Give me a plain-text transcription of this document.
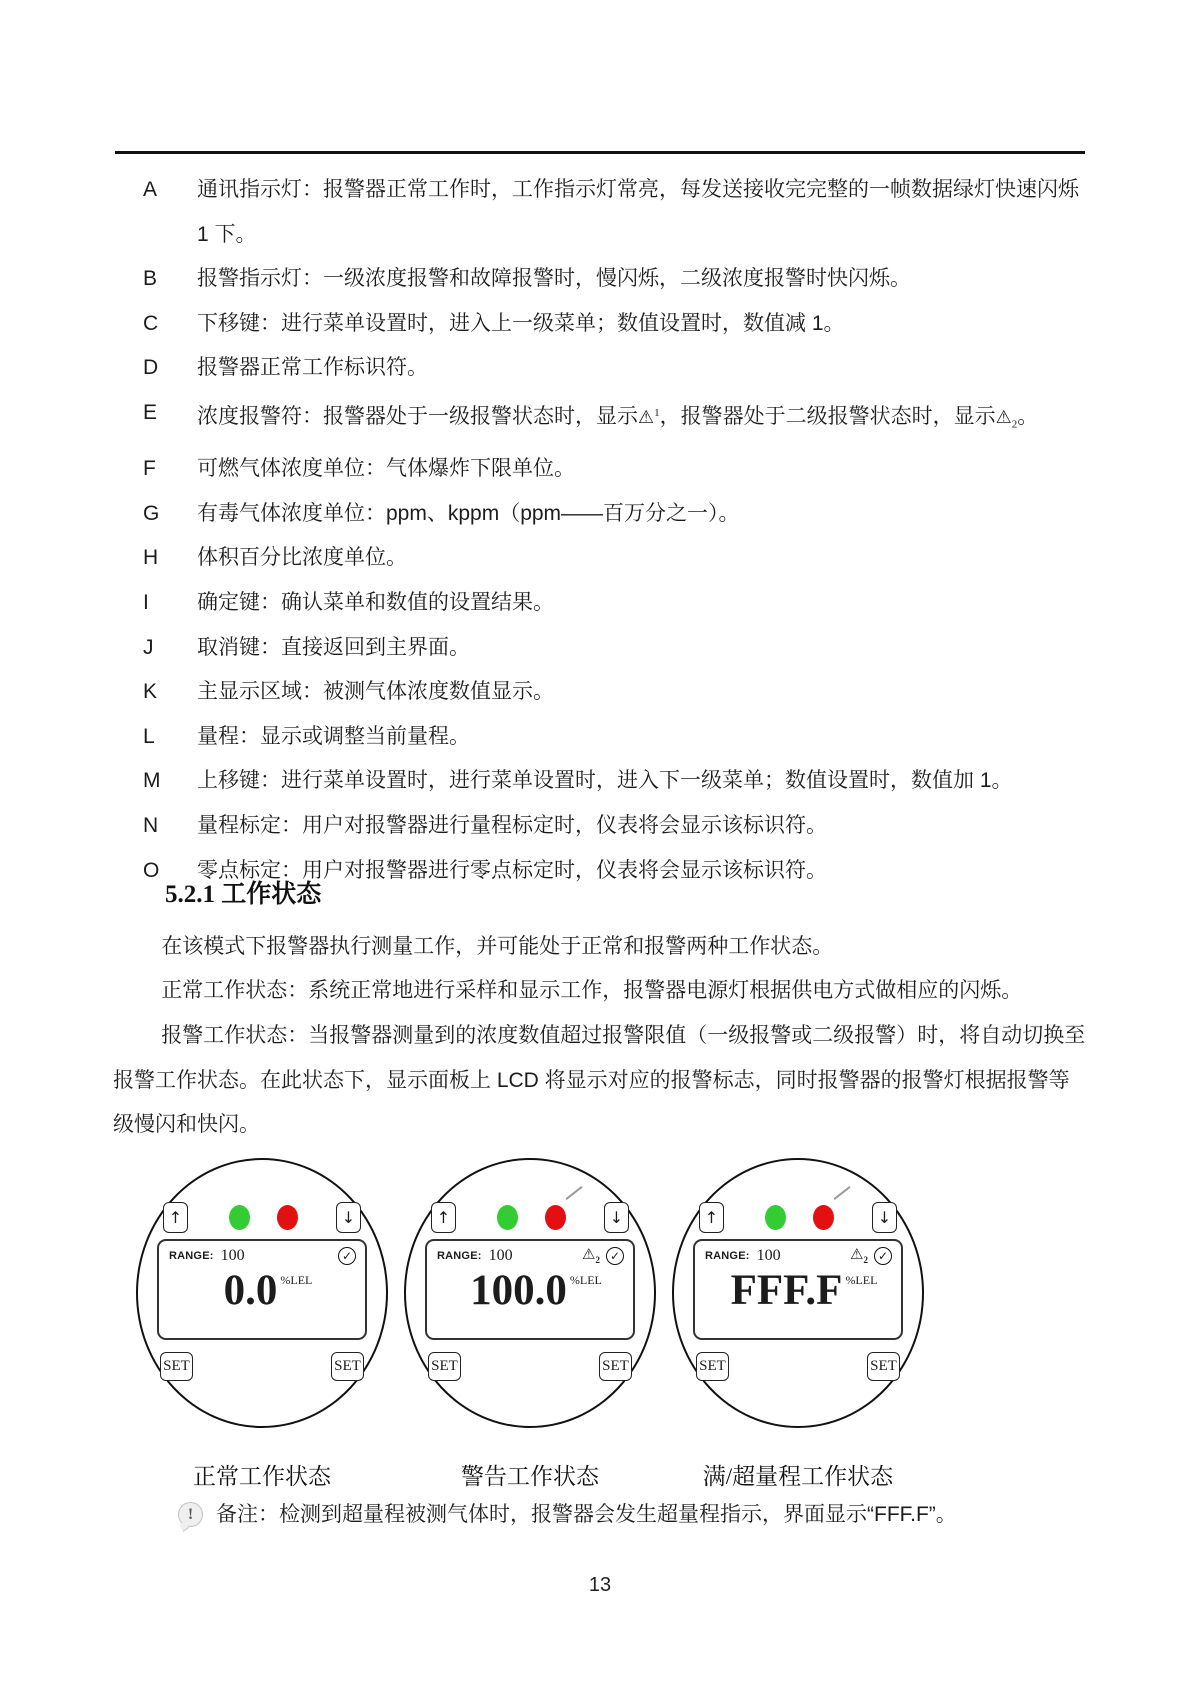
A	通讯指示灯：报警器正常工作时，工作指示灯常亮，每发送接收完完整的一帧数据绿灯快速闪烁 1 下。
B	报警指示灯：一级浓度报警和故障报警时，慢闪烁，二级浓度报警时快闪烁。
C	下移键：进行菜单设置时，进入上一级菜单；数值设置时，数值减 1。
D	报警器正常工作标识符。
E	浓度报警符：报警器处于一级报警状态时，显示⚠$^1$，报警器处于二级报警状态时，显示$⚠_2$。
F	可燃气体浓度单位：气体爆炸下限单位。
G	有毒气体浓度单位：ppm、kppm（ppm——百万分之一）。
H	体积百分比浓度单位。
I	确定键：确认菜单和数值的设置结果。
J	取消键：直接返回到主界面。
K	主显示区域：被测气体浓度数值显示。
L	量程：显示或调整当前量程。
M	上移键：进行菜单设置时，进行菜单设置时，进入下一级菜单；数值设置时，数值加 1。
N	量程标定：用户对报警器进行量程标定时，仪表将会显示该标识符。
O	零点标定：用户对报警器进行零点标定时，仪表将会显示该标识符。
5.2.1 工作状态
在该模式下报警器执行测量工作，并可能处于正常和报警两种工作状态。
正常工作状态：系统正常地进行采样和显示工作，报警器电源灯根据供电方式做相应的闪烁。
报警工作状态：当报警器测量到的浓度数值超过报警限值（一级报警或二级报警）时，将自动切换至报警工作状态。在此状态下，显示面板上 LCD 将显示对应的报警标志，同时报警器的报警灯根据报警等级慢闪和快闪。
↑	↓
RANGE: 100	✓
0.0 %LEL
SET	SET
正常工作状态
↑	↓
RANGE: 100	$⚠_2$ ✓
100.0 %LEL
SET	SET
警告工作状态
↑	↓
RANGE: 100	$⚠_2$ ✓
FFF.F %LEL
SET	SET
满/超量程工作状态
! 备注：检测到超量程被测气体时，报警器会发生超量程指示，界面显示“FFF.F”。
13
